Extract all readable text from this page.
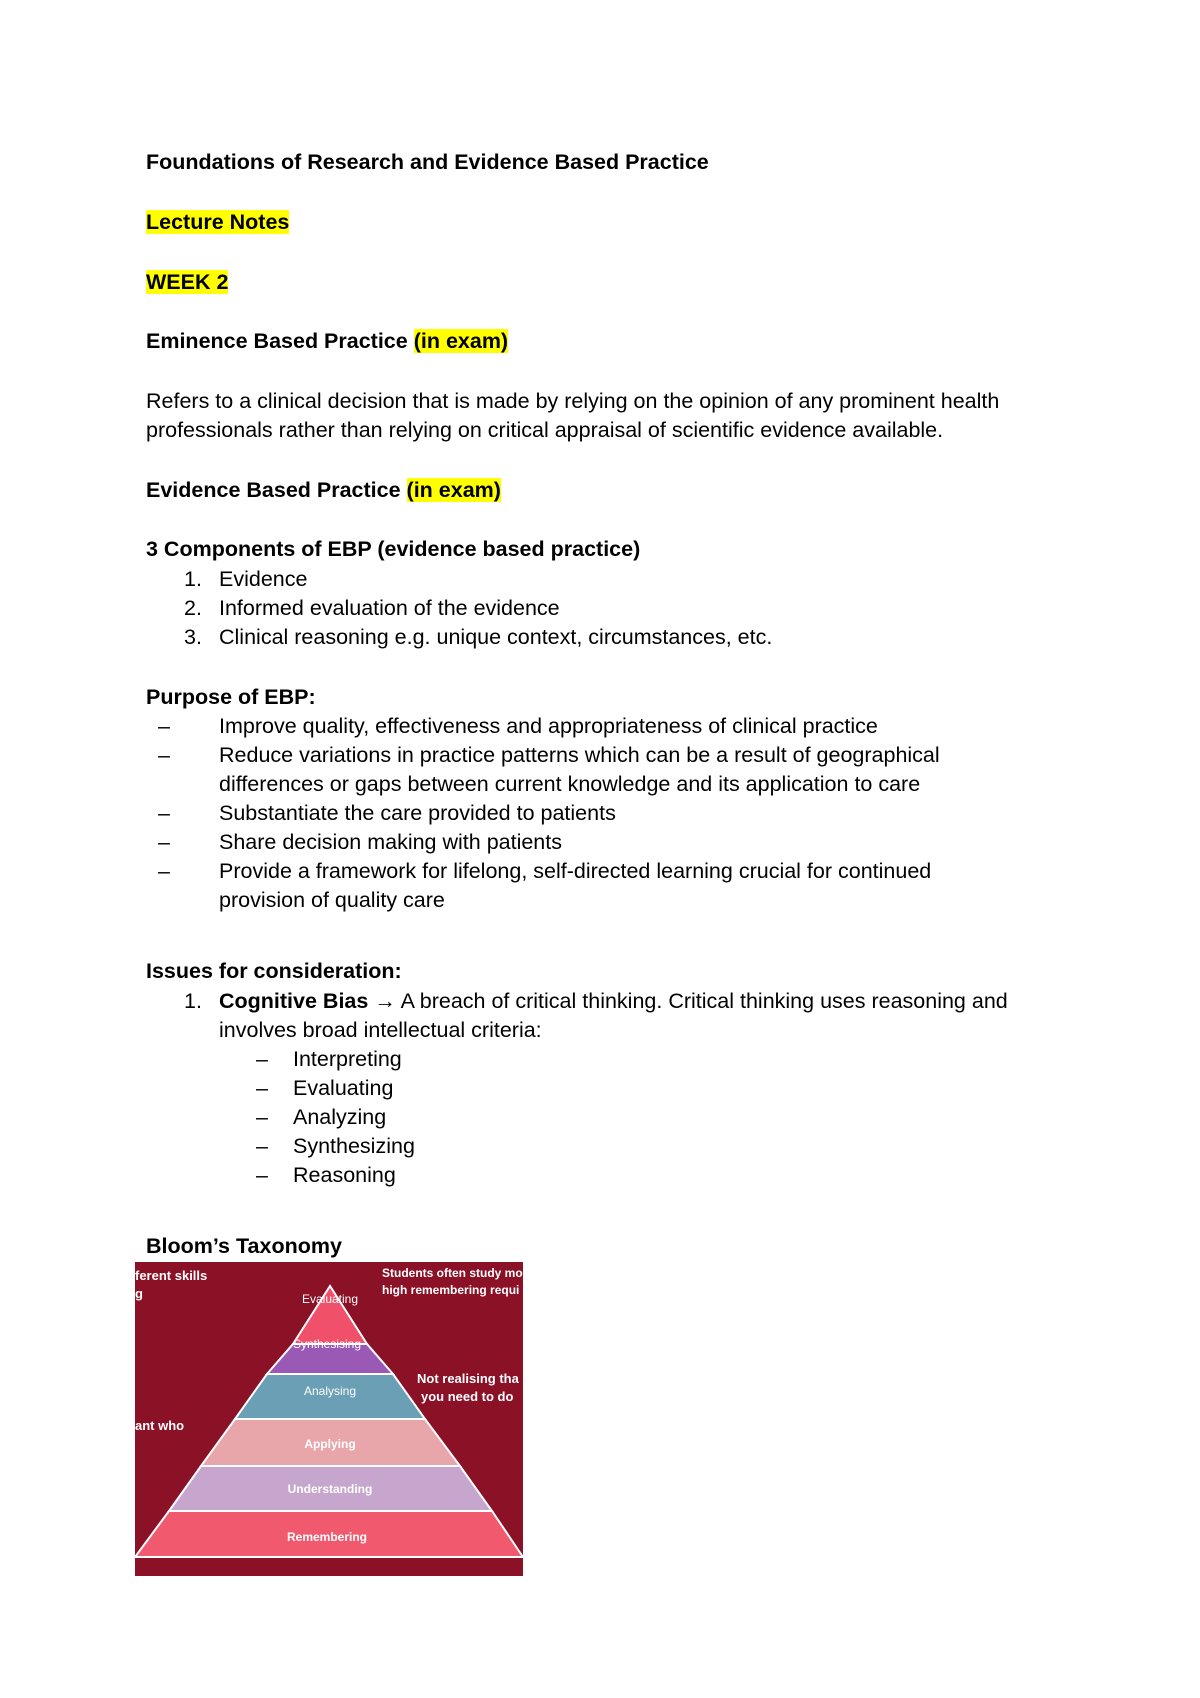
Foundations of Research and Evidence Based Practice
Lecture Notes
WEEK 2
Eminence Based Practice (in exam)
Refers to a clinical decision that is made by relying on the opinion of any prominent health professionals rather than relying on critical appraisal of scientific evidence available.
Evidence Based Practice (in exam)
3 Components of EBP (evidence based practice)
1. Evidence
2. Informed evaluation of the evidence
3. Clinical reasoning e.g. unique context, circumstances, etc.
Purpose of EBP:
– Improve quality, effectiveness and appropriateness of clinical practice
– Reduce variations in practice patterns which can be a result of geographical differences or gaps between current knowledge and its application to care
– Substantiate the care provided to patients
– Share decision making with patients
– Provide a framework for lifelong, self-directed learning crucial for continued provision of quality care
Issues for consideration:
1. Cognitive Bias → A breach of critical thinking. Critical thinking uses reasoning and involves broad intellectual criteria:
– Interpreting
– Evaluating
– Analyzing
– Synthesizing
– Reasoning
Bloom’s Taxonomy
ferent skills
g
ant who
Students often study mo
high remembering requi
Not realising tha
you need to do
Evaluating
Synthesising
Analysing
Applying
Understanding
Remembering
